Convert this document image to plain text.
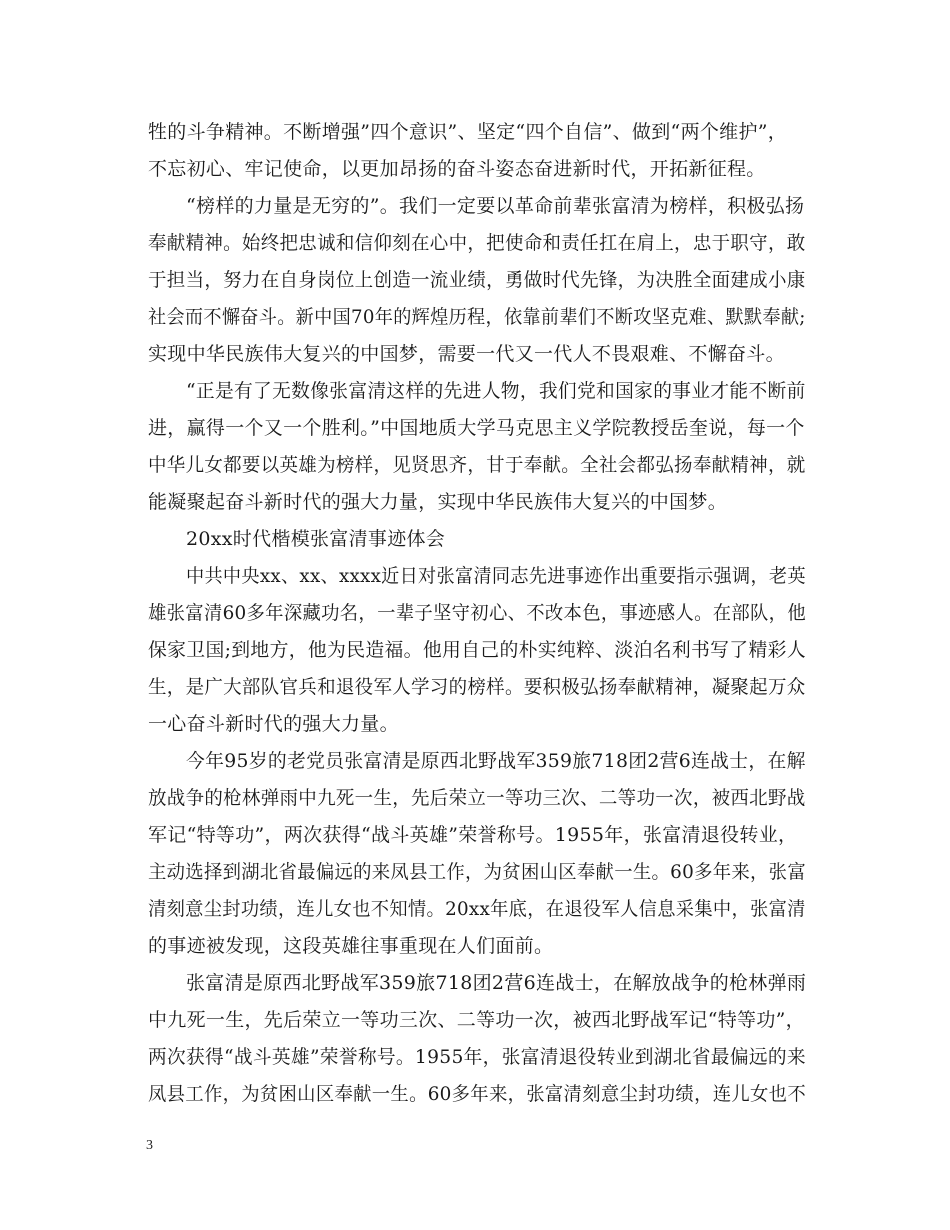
牲的斗争精神。不断增强”四个意识”、坚定“四个自信”、做到“两个维护”，
不忘初心、牢记使命，以更加昂扬的奋斗姿态奋进新时代，开拓新征程。
“榜样的力量是无穷的”。我们一定要以革命前辈张富清为榜样，积极弘扬
奉献精神。始终把忠诚和信仰刻在心中，把使命和责任扛在肩上，忠于职守，敢
于担当，努力在自身岗位上创造一流业绩，勇做时代先锋，为决胜全面建成小康
社会而不懈奋斗。新中国70年的辉煌历程，依靠前辈们不断攻坚克难、默默奉献;
实现中华民族伟大复兴的中国梦，需要一代又一代人不畏艰难、不懈奋斗。
“正是有了无数像张富清这样的先进人物，我们党和国家的事业才能不断前
进，赢得一个又一个胜利。”中国地质大学马克思主义学院教授岳奎说，每一个
中华儿女都要以英雄为榜样，见贤思齐，甘于奉献。全社会都弘扬奉献精神，就
能凝聚起奋斗新时代的强大力量，实现中华民族伟大复兴的中国梦。
20xx时代楷模张富清事迹体会
中共中央xx、xx、xxxx近日对张富清同志先进事迹作出重要指示强调，老英
雄张富清60多年深藏功名，一辈子坚守初心、不改本色，事迹感人。在部队，他
保家卫国;到地方，他为民造福。他用自己的朴实纯粹、淡泊名利书写了精彩人
生，是广大部队官兵和退役军人学习的榜样。要积极弘扬奉献精神，凝聚起万众
一心奋斗新时代的强大力量。
今年95岁的老党员张富清是原西北野战军359旅718团2营6连战士，在解
放战争的枪林弹雨中九死一生，先后荣立一等功三次、二等功一次，被西北野战
军记“特等功”，两次获得“战斗英雄”荣誉称号。1955年，张富清退役转业，
主动选择到湖北省最偏远的来凤县工作，为贫困山区奉献一生。60多年来，张富
清刻意尘封功绩，连儿女也不知情。20xx年底，在退役军人信息采集中，张富清
的事迹被发现，这段英雄往事重现在人们面前。
张富清是原西北野战军359旅718团2营6连战士，在解放战争的枪林弹雨
中九死一生，先后荣立一等功三次、二等功一次，被西北野战军记“特等功”，
两次获得“战斗英雄”荣誉称号。1955年，张富清退役转业到湖北省最偏远的来
凤县工作，为贫困山区奉献一生。60多年来，张富清刻意尘封功绩，连儿女也不
3
